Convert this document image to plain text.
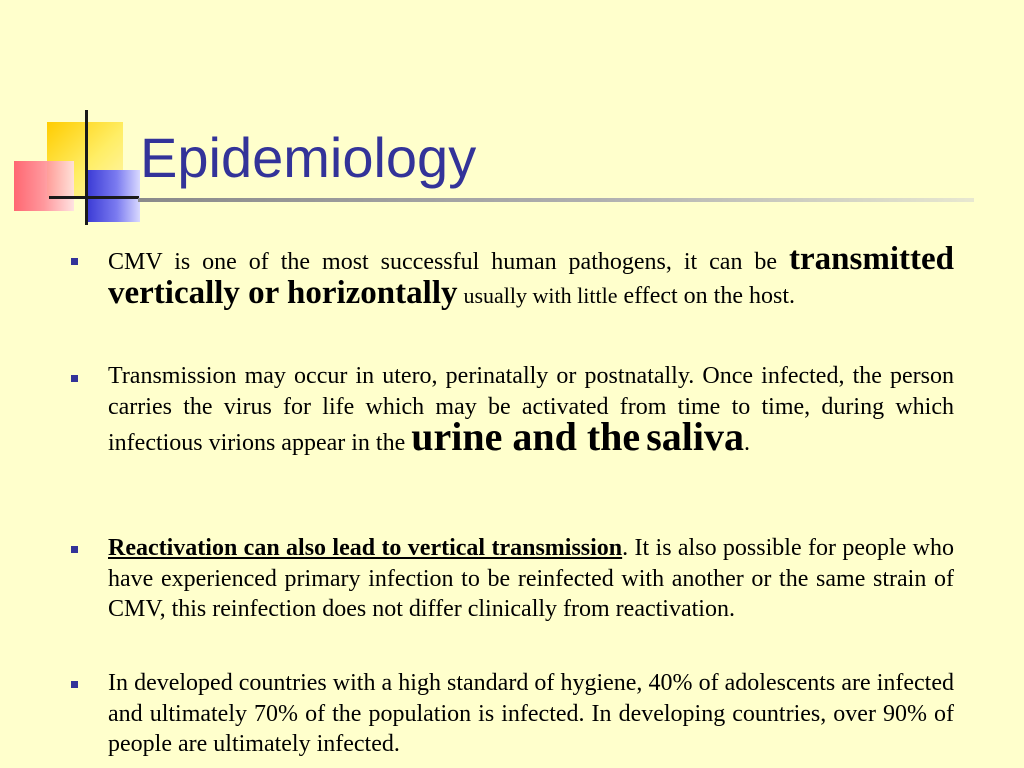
Epidemiology
CMV is one of the most successful human pathogens, it can be transmitted vertically or horizontally usually with little effect on the host.
Transmission may occur in utero, perinatally or postnatally. Once infected, the person carries the virus for life which may be activated from time to time, during which infectious virions appear in the urine and the saliva.
Reactivation can also lead to vertical transmission. It is also possible for people who have experienced primary infection to be reinfected with another or the same strain of CMV, this reinfection does not differ clinically from reactivation.
In developed countries with a high standard of hygiene, 40% of adolescents are infected and ultimately 70% of the population is infected. In developing countries, over 90% of people are ultimately infected.
